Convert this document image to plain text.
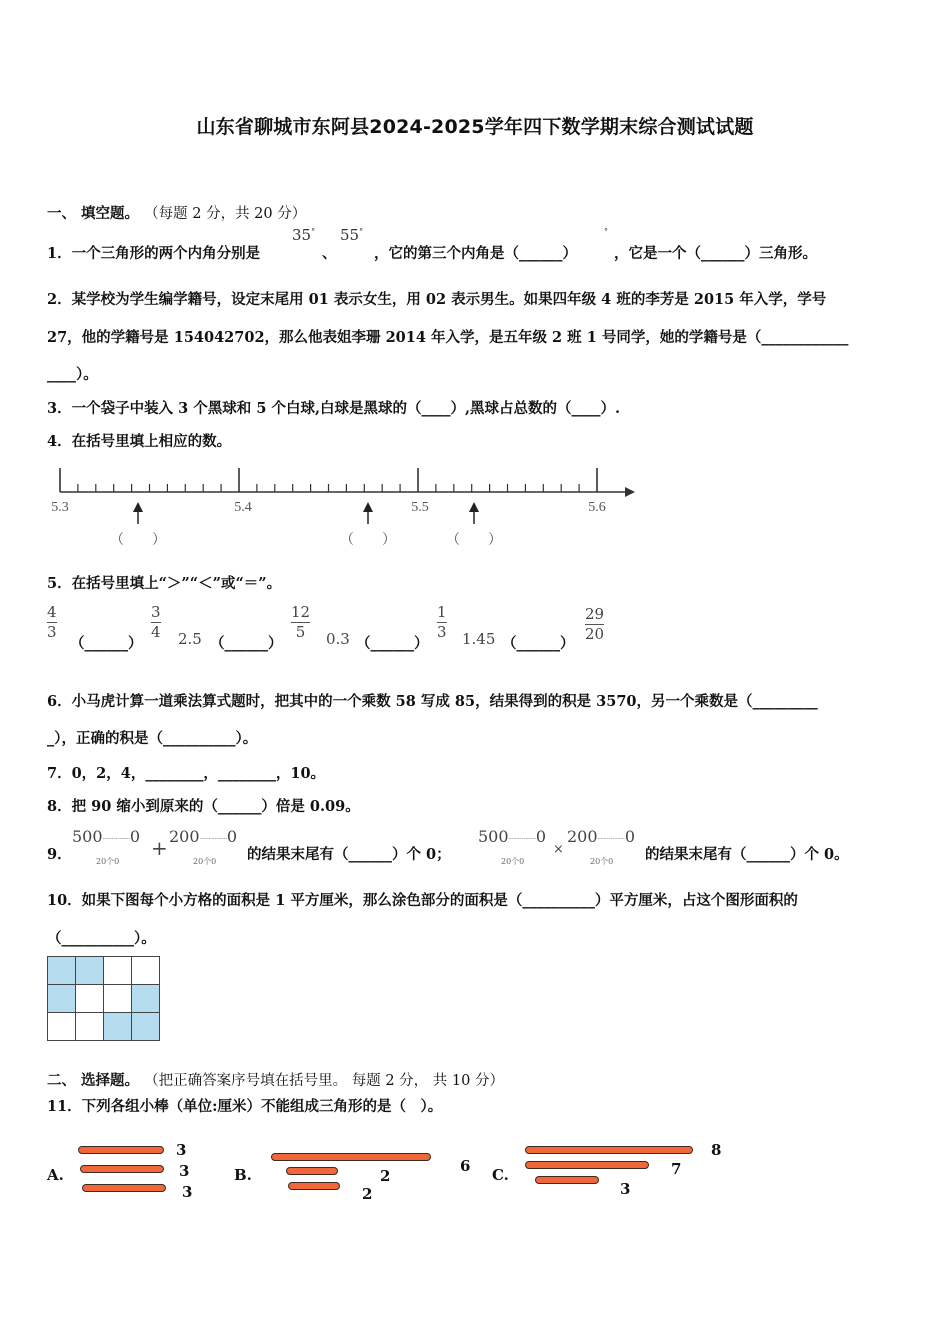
山东省聊城市东阿县2024-2025学年四下数学期末综合测试试题
一、 填空题。 （每题 2 分，共 20 分）
1．一个三角形的两个内角分别是
35°
、
55°
，它的第三个内角是（______）
°
，它是一个（______）三角形。
2．某学校为学生编学籍号，设定末尾用 01 表示女生，用 02 表示男生。如果四年级 4 班的李芳是 2015 年入学，学号
27，他的学籍号是 154042702，那么他表姐李珊 2014 年入学，是五年级 2 班 1 号同学，她的学籍号是（____________
____）。
3．一个袋子中装入 3 个黑球和 5 个白球,白球是黑球的（____）,黑球占总数的（____）.
4．在括号里填上相应的数。
5.3	5.4	5.5	5.6
（　　）	（　　）	（　　）
5．在括号里填上“＞”“＜”或“＝”。
4
3
（______）
3
4 2.5 （______）
12
5	0.3 （______）
1
3 1.45 （______）
29
20
6．小马虎计算一道乘法算式题时，把其中的一个乘数 58 写成 85，结果得到的积是 3570，另一个乘数是（_________
_），正确的积是（__________）。
7．0，2，4，________，________，10。
8．把 90 缩小到原来的（______）倍是 0.09。
9．
500┈┈·┈┈0
20个0
+ 200┈┈·┈┈0
20个0 的结果末尾有（______）个 0；
500┈┈·┈┈0
20个0
×
200┈┈·┈┈0
20个0 的结果末尾有（______）个 0。
10．如果下图每个小方格的面积是 1 平方厘米，那么涂色部分的面积是（__________）平方厘米，占这个图形面积的
（__________）。

二、 选择题。 （把正确答案序号填在括号里。 每题 2 分， 共 10 分）
11．下列各组小棒（单位:厘米）不能组成三角形的是（　）。
A.
3
3
3
B.	6
2
2
C.
8
7
3
